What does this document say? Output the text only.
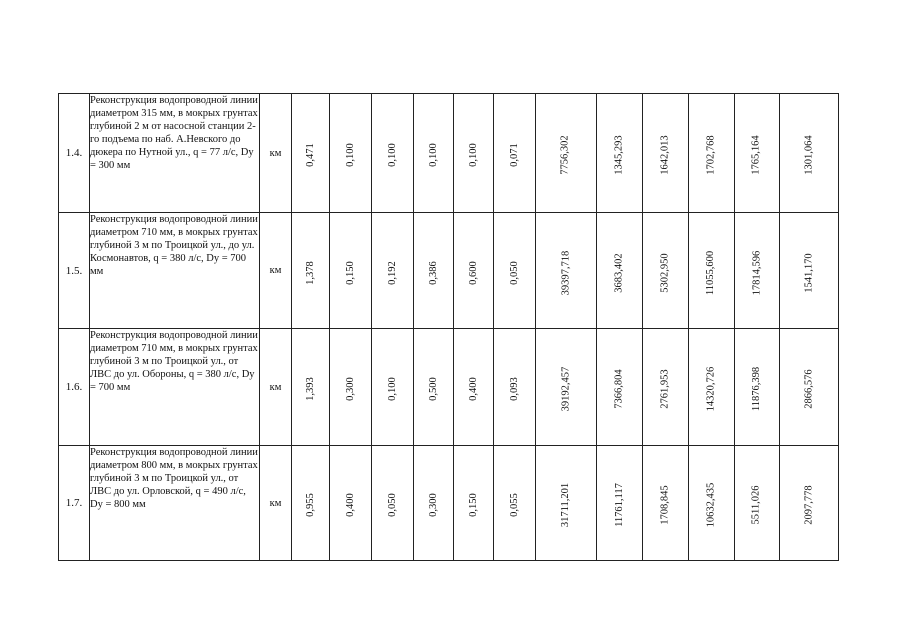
1.4.	Реконструкция водопроводной линии диаметром 315 мм, в мокрых грунтах глубиной 2 м от насосной станции 2-го подъема по наб. А.Невского до дюкера по Нутной ул., q = 77 л/с, Dy = 300 мм	км	0,471	0,100	0,100	0,100	0,100	0,071	7756,302	1345,293	1642,013	1702,768	1765,164	1301,064
1.5.	Реконструкция водопроводной линии диаметром 710 мм, в мокрых грунтах глубиной 3 м по Троицкой ул., до ул. Космонавтов, q = 380 л/с, Dy = 700 мм	км	1,378	0,150	0,192	0,386	0,600	0,050	39397,718	3683,402	5302,950	11055,600	17814,596	1541,170
1.6.	Реконструкция водопроводной линии диаметром 710 мм, в мокрых грунтах глубиной 3 м по Троицкой ул., от ЛВС до ул. Обороны, q = 380 л/с, Dy = 700 мм	км	1,393	0,300	0,100	0,500	0,400	0,093	39192,457	7366,804	2761,953	14320,726	11876,398	2866,576
1.7.	Реконструкция водопроводной линии диаметром 800 мм, в мокрых грунтах глубиной 3 м по Троицкой ул., от ЛВС до ул. Орловской, q = 490 л/с, Dy = 800 мм	км	0,955	0,400	0,050	0,300	0,150	0,055	31711,201	11761,117	1708,845	10632,435	5511,026	2097,778
